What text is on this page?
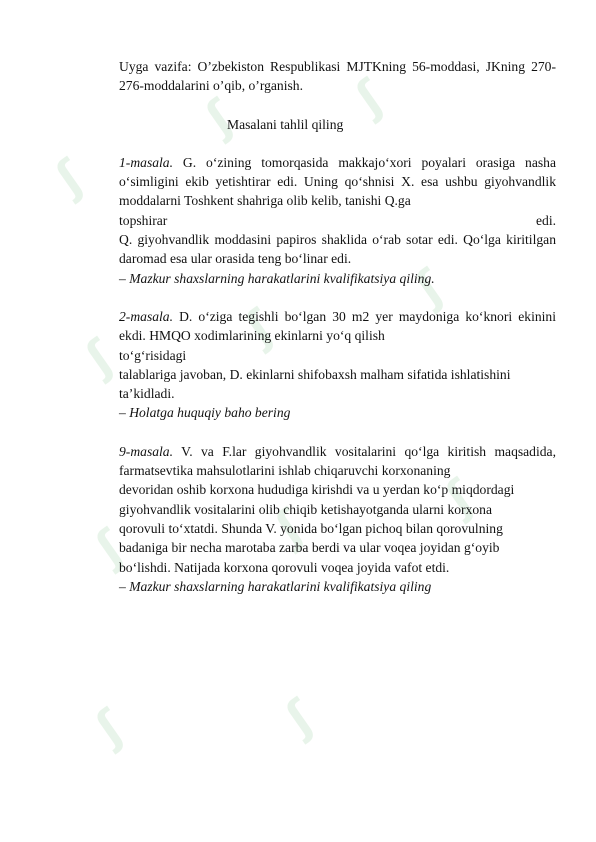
ʃ
ʃ ʃ
ʃ
ʃ
ʃ
ʃ	ʃ
ʃ
ʃ	ʃ

Uyga vazifa: O’zbekiston Respublikasi MJTKning 56-moddasi, JKning 270-276-moddalarini o’qib, o’rganish.

Masalani tahlil qiling

1-masala. G. o‘zining tomorqasida makkajo‘xori poyalari orasiga nasha o‘simligini ekib yetishtirar edi. Uning qo‘shnisi X. esa ushbu giyohvandlik moddalarni Toshkent shahriga olib kelib, tanishi Q.ga

topshirar	edi.

Q. giyohvandlik moddasini papiros shaklida o‘rab sotar edi. Qo‘lga kiritilgan daromad esa ular orasida teng bo‘linar edi.

– Mazkur shaxslarning harakatlarini kvalifikatsiya qiling.

2-masala. D. o‘ziga tegishli bo‘lgan 30 m2 yer maydoniga ko‘knori ekinini ekdi. HMQO xodimlarining ekinlarni yo‘q qilish

to‘g‘risidagi

talablariga javoban, D. ekinlarni shifobaxsh malham sifatida ishlatishini

ta’kidladi.

– Holatga huquqiy baho bering

9-masala. V. va F.lar giyohvandlik vositalarini qo‘lga kiritish maqsadida, farmatsevtika mahsulotlarini ishlab chiqaruvchi korxonaning

devoridan oshib korxona hududiga kirishdi va u yerdan ko‘p miqdordagi

giyohvandlik vositalarini olib chiqib ketishayotganda ularni korxona

qorovuli to‘xtatdi. Shunda V. yonida bo‘lgan pichoq bilan qorovulning

badaniga bir necha marotaba zarba berdi va ular voqea joyidan g‘oyib

bo‘lishdi. Natijada korxona qorovuli voqea joyida vafot etdi.

– Mazkur shaxslarning harakatlarini kvalifikatsiya qiling
